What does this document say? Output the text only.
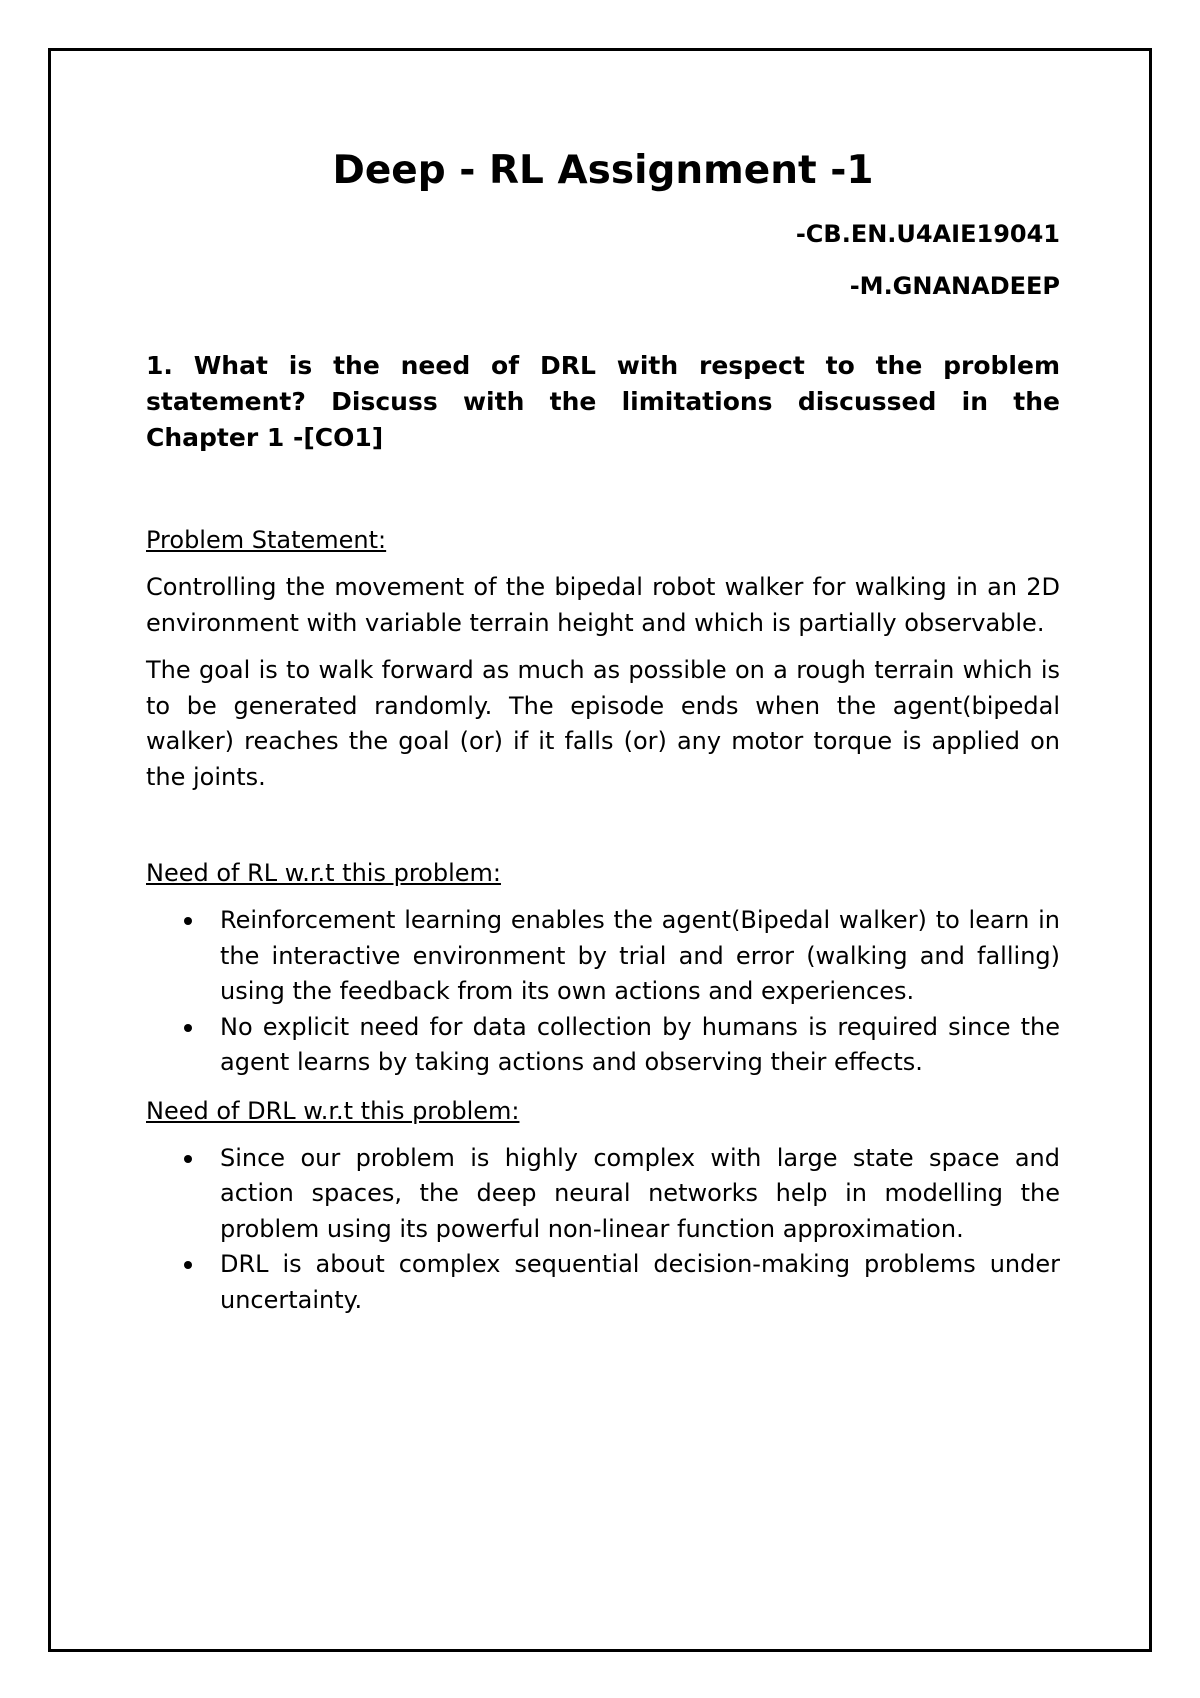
Deep - RL Assignment -1

-CB.EN.U4AIE19041

-M.GNANADEEP

1. What is the need of DRL with respect to the problem statement? Discuss with the limitations discussed in the Chapter 1 -[CO1]

Problem Statement:

Controlling the movement of the bipedal robot walker for walking in an 2D environment with variable terrain height and which is partially observable.

The goal is to walk forward as much as possible on a rough terrain which is to be generated randomly. The episode ends when the agent(bipedal walker) reaches the goal (or) if it falls (or) any motor torque is applied on the joints.

Need of RL w.r.t this problem:

Reinforcement learning enables the agent(Bipedal walker) to learn in the interactive environment by trial and error (walking and falling) using the feedback from its own actions and experiences.
No explicit need for data collection by humans is required since the agent learns by taking actions and observing their effects.

Need of DRL w.r.t this problem:

Since our problem is highly complex with large state space and action spaces, the deep neural networks help in modelling the problem using its powerful non-linear function approximation.
DRL is about complex sequential decision-making problems under uncertainty.
